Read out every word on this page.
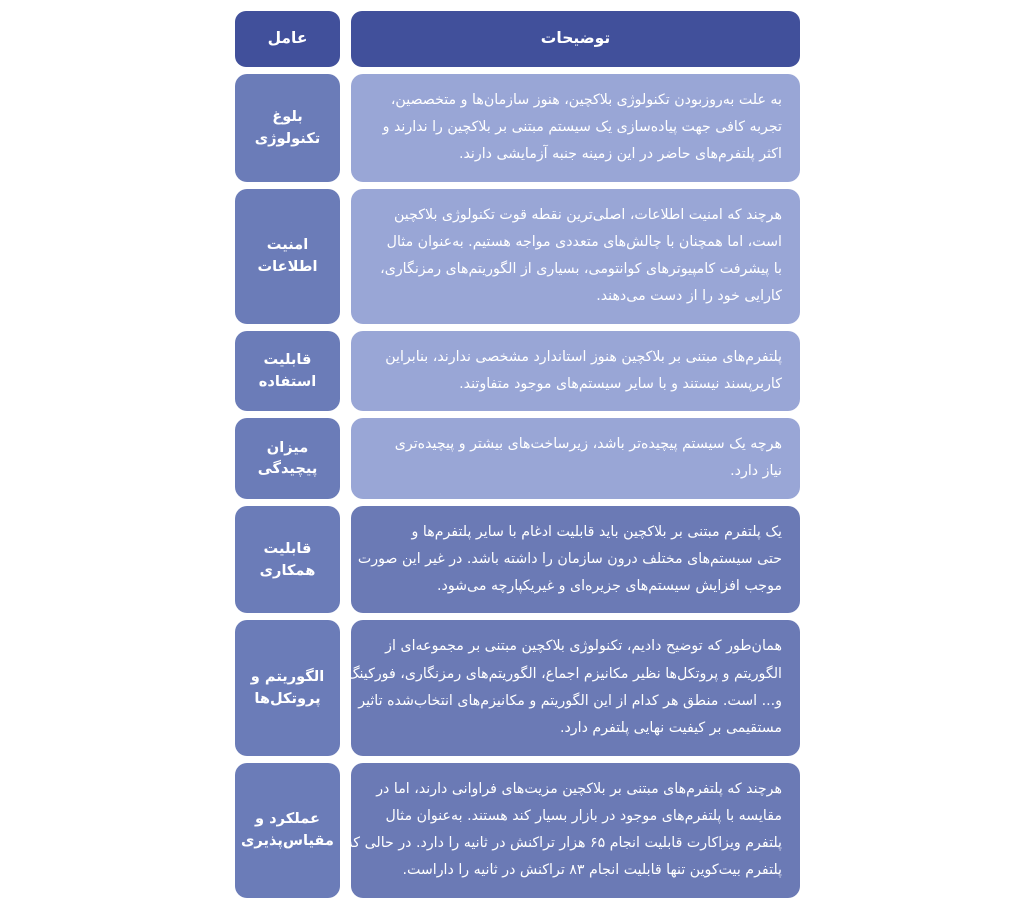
عامل	توضیحات
بلوغ تکنولوژی
به علت به‌روزبودن تکنولوژی بلاکچین، هنوز سازمان‌ها و متخصصین،
تجربه کافی جهت پیاده‌سازی یک سیستم مبتنی بر بلاکچین را ندارند و
اکثر پلتفرم‌های حاضر در این زمینه جنبه آزمایشی دارند.
امنیت اطلاعات
هرچند که امنیت اطلاعات، اصلی‌ترین نقطه قوت تکنولوژی بلاکچین
است، اما همچنان با چالش‌های متعددی مواجه هستیم. به‌عنوان مثال
با پیشرفت کامپیوترهای کوانتومی، بسیاری از الگوریتم‌های رمزنگاری،
کارایی خود را از دست می‌دهند.
قابلیت استفاده
پلتفرم‌های مبتنی بر بلاکچین هنوز استاندارد مشخصی ندارند، بنابراین
کاربرپسند نیستند و با سایر سیستم‌های موجود متفاوتند.
میزان پیچیدگی
هرچه یک سیستم پیچیده‌تر باشد، زیرساخت‌های بیشتر و پیچیده‌تری
نیاز دارد.
قابلیت همکاری
یک پلتفرم مبتنی بر بلاکچین باید قابلیت ادغام با سایر پلتفرم‌ها و
حتی سیستم‌های مختلف درون سازمان را داشته باشد. در غیر این صورت
موجب افزایش سیستم‌های جزیره‌ای و غیریکپارچه می‌شود.
الگوریتم و پروتکل‌ها
همان‌طور که توضیح دادیم، تکنولوژی بلاکچین مبتنی بر مجموعه‌ای از
الگوریتم و پروتکل‌ها نظیر مکانیزم اجماع، الگوریتم‌های رمزنگاری، فورکینگ
و... است. منطق هر کدام از این الگوریتم و مکانیزم‌های انتخاب‌شده تاثیر
مستقیمی بر کیفیت نهایی پلتفرم دارد.
عملکرد و مقیاس‌پذیری
هرچند که پلتفرم‌های مبتنی بر بلاکچین مزیت‌های فراوانی دارند، اما در
مقایسه با پلتفرم‌های موجود در بازار بسیار کند هستند. به‌عنوان مثال
پلتفرم ویزاکارت قابلیت انجام ۶۵ هزار تراکنش در ثانیه را دارد. در حالی که
پلتفرم بیت‌کوین تنها قابلیت انجام ۸۳ تراکنش در ثانیه را داراست.
